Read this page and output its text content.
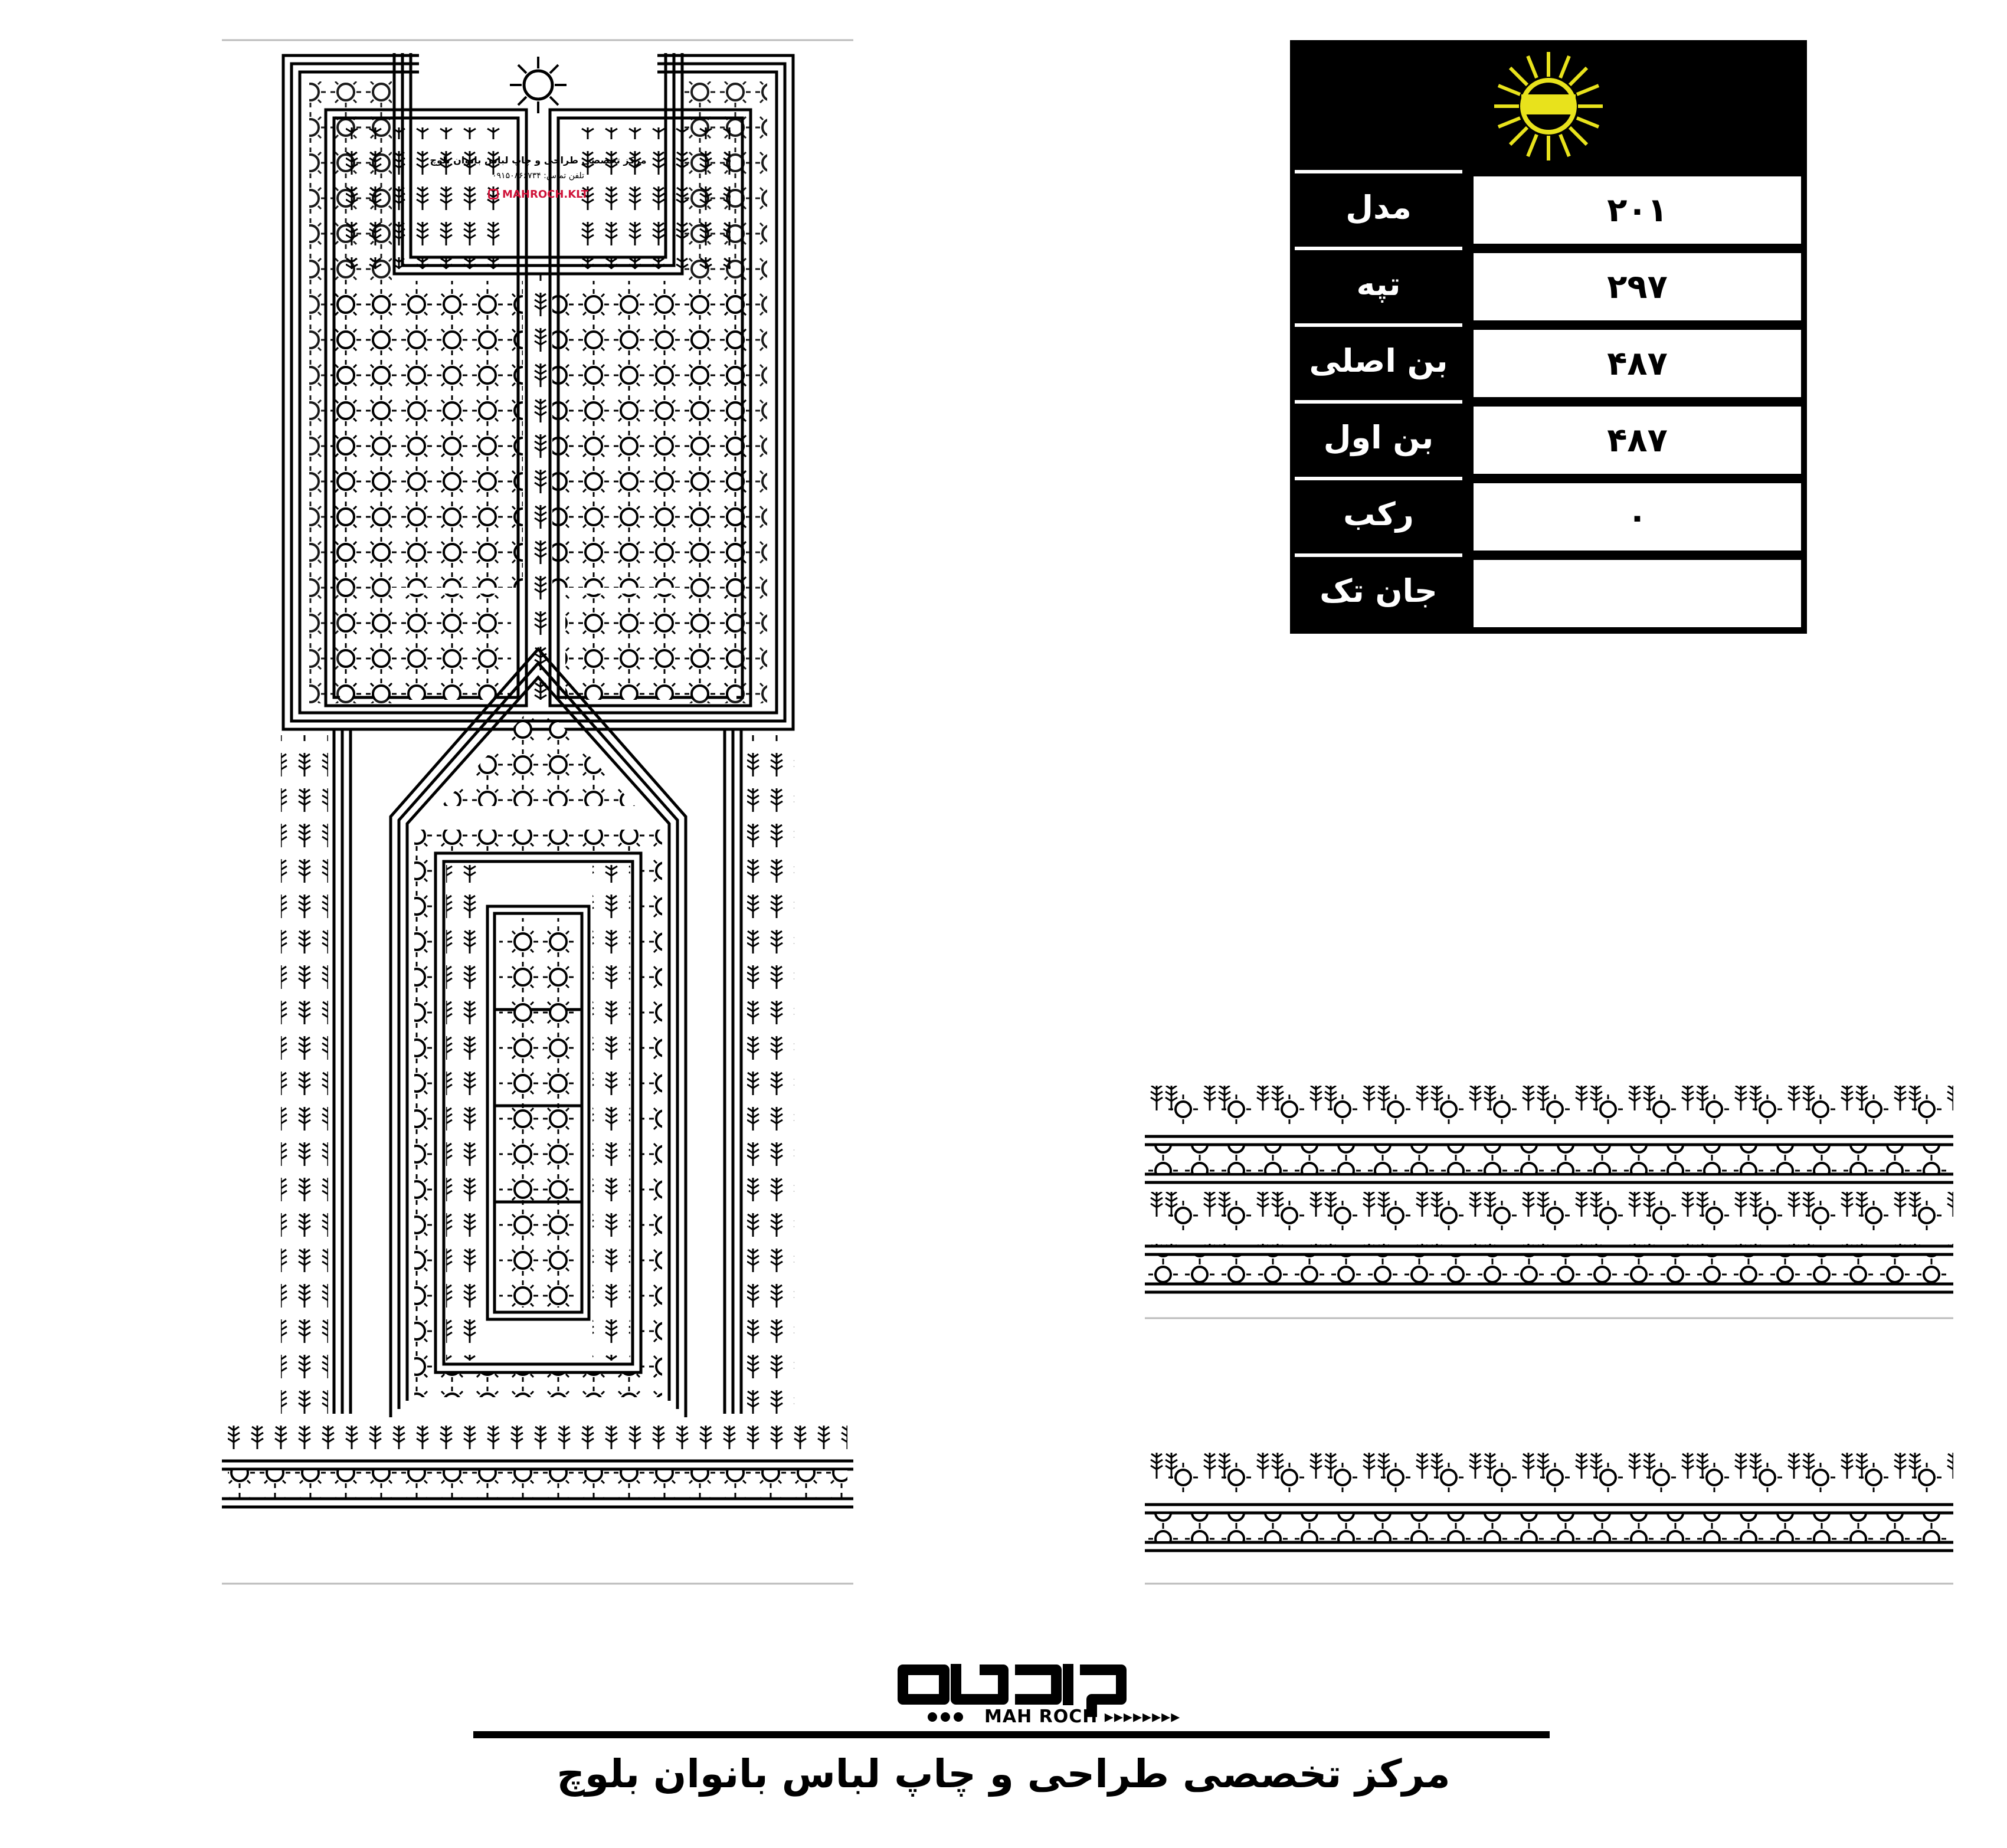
مرکز تخصصی طراحی و چاپ لباس بانوان بلوچ
تلفن تماس: ۰۹۱۵۰۸۶۶۷۳۴
MAHROCH.KLT	مدل	۲۰۱
تپه	۲۹۷
بن اصلی	۴۸۷
بن اول	۴۸۷
رکب	۰
جان تک
MAH ROCH ▸▸▸▸▸▸▸▸
مرکز تخصصی طراحی و چاپ لباس بانوان بلوچ
